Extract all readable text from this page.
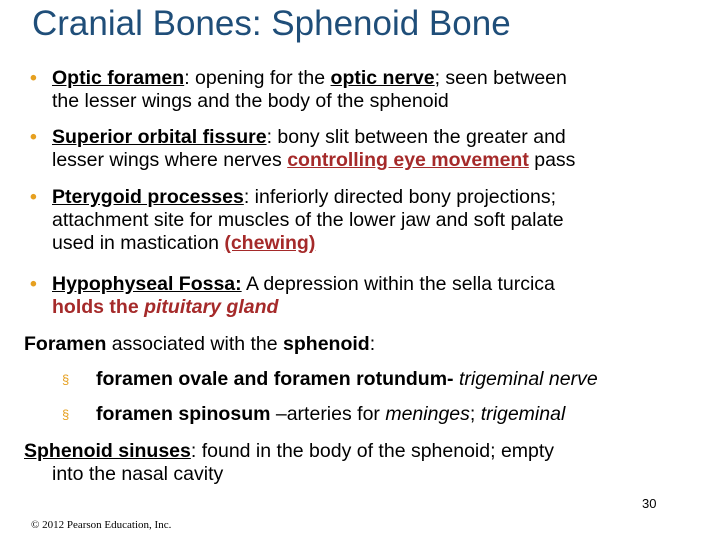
Cranial Bones: Sphenoid Bone
• Optic foramen: opening for the optic nerve; seen between
the lesser wings and the body of the sphenoid
• Superior orbital fissure: bony slit between the greater and
lesser wings where nerves controlling eye movement pass
• Pterygoid processes: inferiorly directed bony projections;
attachment site for muscles of the lower jaw and soft palate
used in mastication (chewing)
• Hypophyseal Fossa: A depression within the sella turcica
holds the pituitary gland
Foramen associated with the sphenoid:
§	foramen ovale and foramen rotundum- trigeminal nerve
§	foramen spinosum –arteries for meninges; trigeminal
Sphenoid sinuses: found in the body of the sphenoid; empty
into the nasal cavity
30
© 2012 Pearson Education, Inc.
